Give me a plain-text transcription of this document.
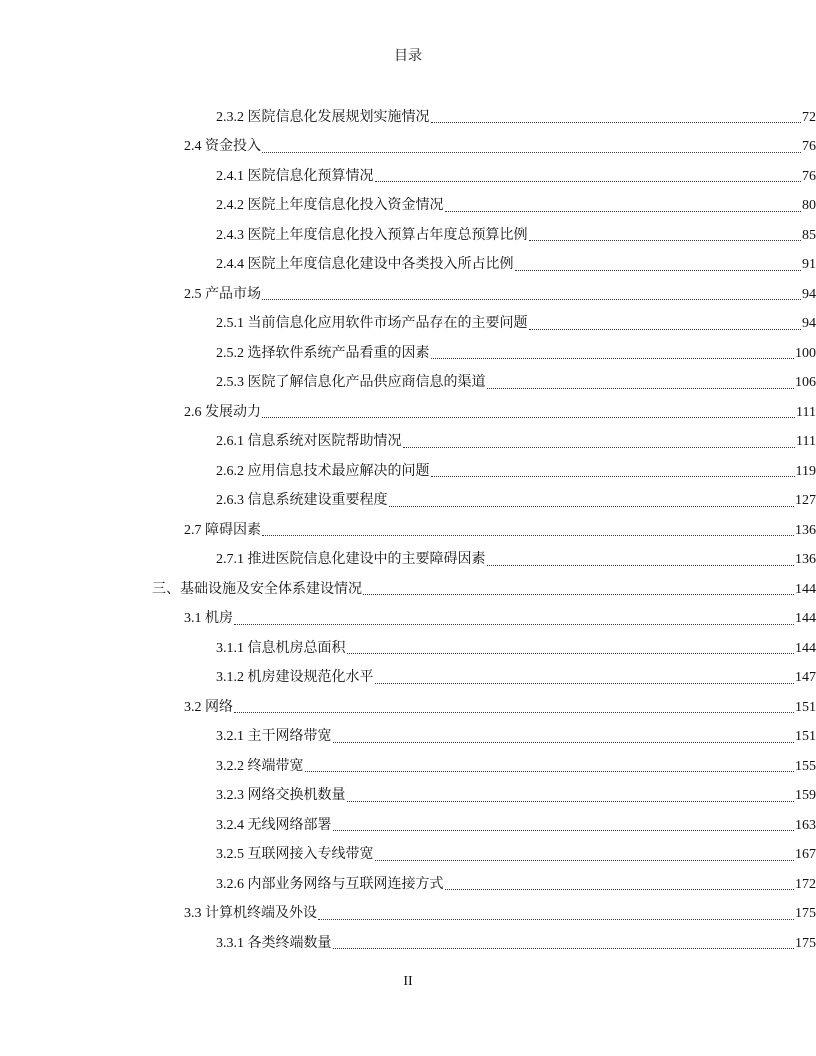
目录
2.3.2 医院信息化发展规划实施情况	72
2.4 资金投入	76
2.4.1 医院信息化预算情况	76
2.4.2 医院上年度信息化投入资金情况	80
2.4.3 医院上年度信息化投入预算占年度总预算比例	85
2.4.4 医院上年度信息化建设中各类投入所占比例	91
2.5 产品市场	94
2.5.1 当前信息化应用软件市场产品存在的主要问题	94
2.5.2 选择软件系统产品看重的因素	100
2.5.3 医院了解信息化产品供应商信息的渠道	106
2.6 发展动力	111
2.6.1 信息系统对医院帮助情况	111
2.6.2 应用信息技术最应解决的问题	119
2.6.3 信息系统建设重要程度	127
2.7 障碍因素	136
2.7.1 推进医院信息化建设中的主要障碍因素	136
三、基础设施及安全体系建设情况	144
3.1 机房	144
3.1.1 信息机房总面积	144
3.1.2 机房建设规范化水平	147
3.2 网络	151
3.2.1 主干网络带宽	151
3.2.2 终端带宽	155
3.2.3 网络交换机数量	159
3.2.4 无线网络部署	163
3.2.5 互联网接入专线带宽	167
3.2.6 内部业务网络与互联网连接方式	172
3.3 计算机终端及外设	175
3.3.1 各类终端数量	175
II
